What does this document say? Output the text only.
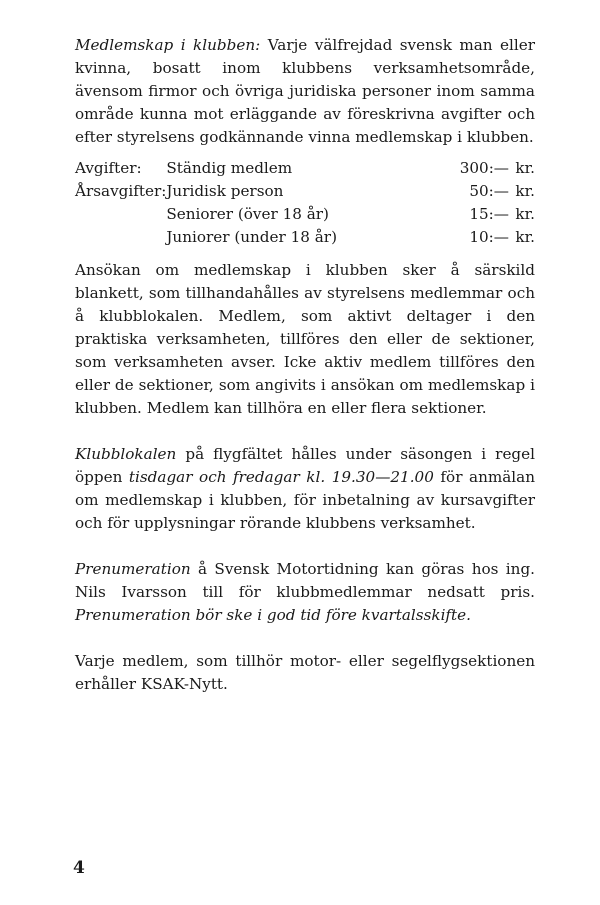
Medlemskap i klubben: Varje välfrejdad svensk man eller kvinna, bosatt inom klubbens verksamhetsområde, ävensom firmor och övriga juridiska personer inom samma område kunna mot erläggande av föreskrivna avgifter och efter styrelsens godkännande vinna medlemskap i klubben.

Avgifter:	Ständig medlem	300:—	kr.
Årsavgifter:	Juridisk person	50:—	kr.
	Seniorer (över 18 år)	15:—	kr.
	Juniorer (under 18 år)	10:—	kr.

Ansökan om medlemskap i klubben sker å särskild blankett, som tillhandahålles av styrelsens medlemmar och å klubblokalen. Medlem, som aktivt deltager i den praktiska verksamheten, tillföres den eller de sektioner, som verksamheten avser. Icke aktiv medlem tillföres den eller de sektioner, som angivits i ansökan om medlemskap i klubben. Medlem kan tillhöra en eller flera sektioner.

Klubblokalen på flygfältet hålles under säsongen i regel öppen tisdagar och fredagar kl. 19.30—21.00 för anmälan om medlemskap i klubben, för inbetalning av kursavgifter och för upplysningar rörande klubbens verksamhet.

Prenumeration å Svensk Motortidning kan göras hos ing. Nils Ivarsson till för klubbmedlemmar nedsatt pris. Prenumeration bör ske i god tid före kvartalsskifte.

Varje medlem, som tillhör motor- eller segelflygsektionen erhåller KSAK-Nytt.

4
